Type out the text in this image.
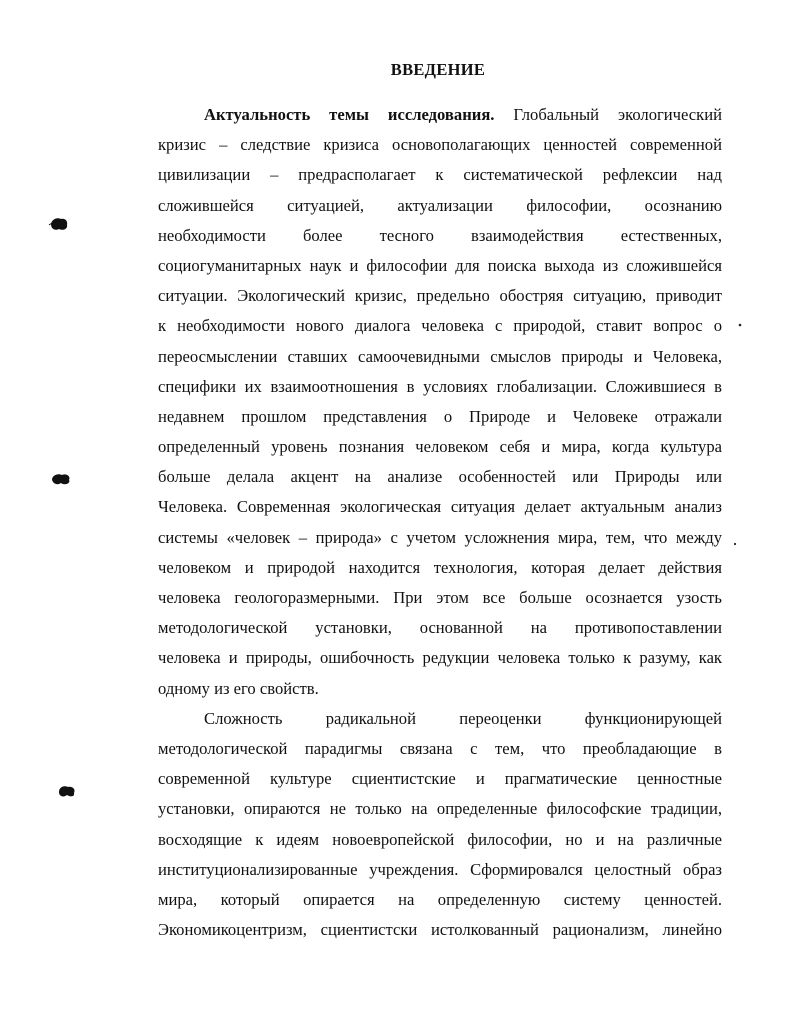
ВВЕДЕНИЕ
Актуальность темы исследования. Глобальный экологический
кризис – следствие кризиса основополагающих ценностей современной
цивилизации – предрасполагает к систематической рефлексии над
сложившейся ситуацией, актуализации философии, осознанию
необходимости более тесного взаимодействия естественных,
социогуманитарных наук и философии для поиска выхода из сложившейся
ситуации. Экологический кризис, предельно обостряя ситуацию, приводит
к необходимости нового диалога человека с природой, ставит вопрос о
переосмыслении ставших самоочевидными смыслов природы и Человека,
специфики их взаимоотношения в условиях глобализации. Сложившиеся в
недавнем прошлом представления о Природе и Человеке отражали
определенный уровень познания человеком себя и мира, когда культура
больше делала акцент на анализе особенностей или Природы или
Человека. Современная экологическая ситуация делает актуальным анализ
системы «человек – природа» с учетом усложнения мира, тем, что между
человеком и природой находится технология, которая делает действия
человека геологоразмерными. При этом все больше осознается узость
методологической установки, основанной на противопоставлении
человека и природы, ошибочность редукции человека только к разуму, как
одному из его свойств.
Сложность радикальной переоценки функционирующей
методологической парадигмы связана с тем, что преобладающие в
современной культуре сциентистские и прагматические ценностные
установки, опираются не только на определенные философские традиции,
восходящие к идеям новоевропейской философии, но и на различные
институционализированные учреждения. Сформировался целостный образ
мира, который опирается на определенную систему ценностей.
Экономикоцентризм, сциентистски истолкованный рационализм, линейно
